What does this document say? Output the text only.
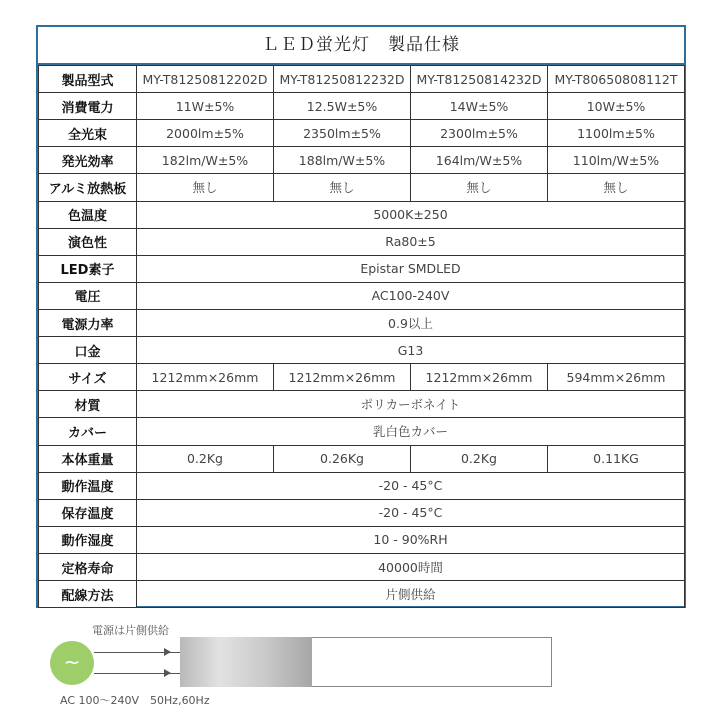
ＬＥＤ蛍光灯　製品仕様
製品型式	MY-T81250812202D	MY-T81250812232D	MY-T81250814232D	MY-T80650808112T
消費電力	11W±5%	12.5W±5%	14W±5%	10W±5%
全光束	2000lm±5%	2350lm±5%	2300lm±5%	1100lm±5%
発光効率	182lm/W±5%	188lm/W±5%	164lm/W±5%	110lm/W±5%
アルミ放熱板	無し	無し	無し	無し
色温度	5000K±250			
演色性	Ra80±5			
LED素子	Epistar SMDLED			
電圧	AC100-240V			
電源力率	0.9以上			
口金	G13			
サイズ	1212mm×26mm	1212mm×26mm	1212mm×26mm	594mm×26mm
材質	ポリカーボネイト			
カバー	乳白色カバー			
本体重量	0.2Kg	0.26Kg	0.2Kg	0.11KG
動作温度	-20 - 45°C			
保存温度	-20 - 45°C			
動作湿度	10 - 90%RH			
定格寿命	40000時間			
配線方法	片側供給			
電源は片側供給
~
AC 100～240V　50Hz,60Hz
